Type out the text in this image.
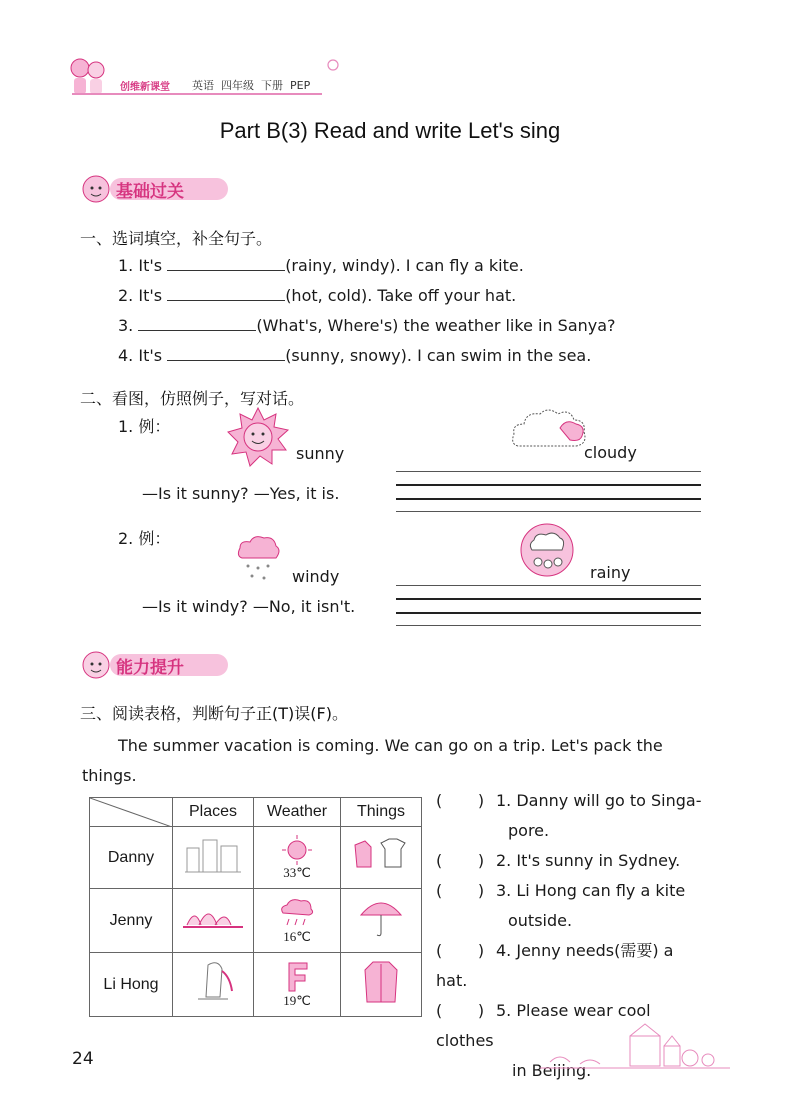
创维新课堂 英语 四年级 下册 PEP
Part B(3) Read and write Let's sing
基础过关
一、选词填空，补全句子。
1. It's	(rainy, windy). I can fly a kite.
2. It's	(hot, cold). Take off your hat.
3.	(What's, Where's) the weather like in Sanya?
4. It's	(sunny, snowy). I can swim in the sea.
二、看图，仿照例子，写对话。
1. 例：
sunny	cloudy
—Is it sunny? —Yes, it is.
2. 例：
windy	rainy
—Is it windy? —No, it isn't.
能力提升
三、阅读表格，判断句子正(T)误(F)。
The summer vacation is coming. We can go on a trip. Let's pack the things.
	Places	Weather	Things
Danny		33℃

Jenny		16℃

Li Hong		19℃

(       ) 1. Danny will go to Singa-
pore.
(       ) 2. It's sunny in Sydney.
(       ) 3. Li Hong can fly a kite
outside.
(       ) 4. Jenny needs(需要) a hat.
(       ) 5. Please wear cool clothes
in Beijing.
24
